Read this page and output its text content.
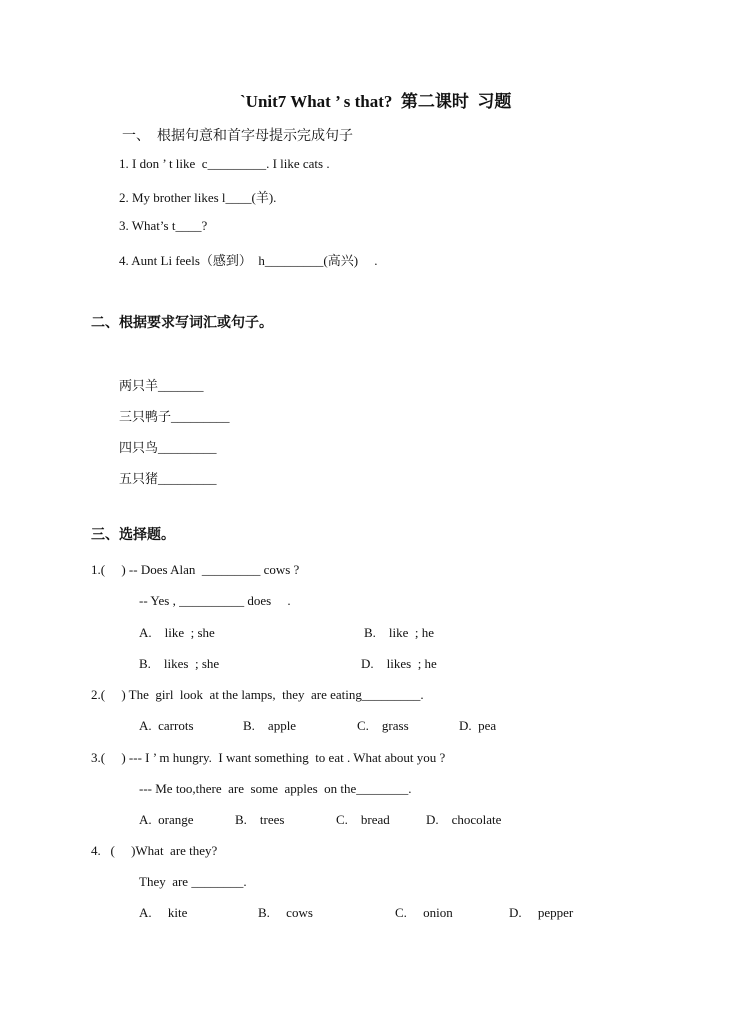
`Unit7 What ’ s that?  第二课时  习题
一、  根据句意和首字母提示完成句子
1. I don ’ t like  c_________. I like cats .
2. My brother likes l____(羊).
3. What’s t____?
4. Aunt Li feels（感到）  h_________(高兴)     .
二、根据要求写词汇或句子。
两只羊_______
三只鸭子_________
四只鸟_________
五只猪_________
三、选择题。
1.(     ) -- Does Alan  _________ cows ?
-- Yes , __________ does     .
A.    like  ; she	B.    like  ; he
B.    likes  ; she	D.    likes  ; he
2.(     ) The  girl  look  at the lamps,  they  are eating_________.
A.  carrots	B.    apple	C.    grass	D.  pea
3.(     ) --- I ’ m hungry.  I want something  to eat . What about you ?
--- Me too,there  are  some  apples  on the________.
A.  orange	B.    trees	C.    bread	D.    chocolate
4.   (     )What  are they?
They  are ________.
A.     kite	B.     cows	C.     onion	D.     pepper
